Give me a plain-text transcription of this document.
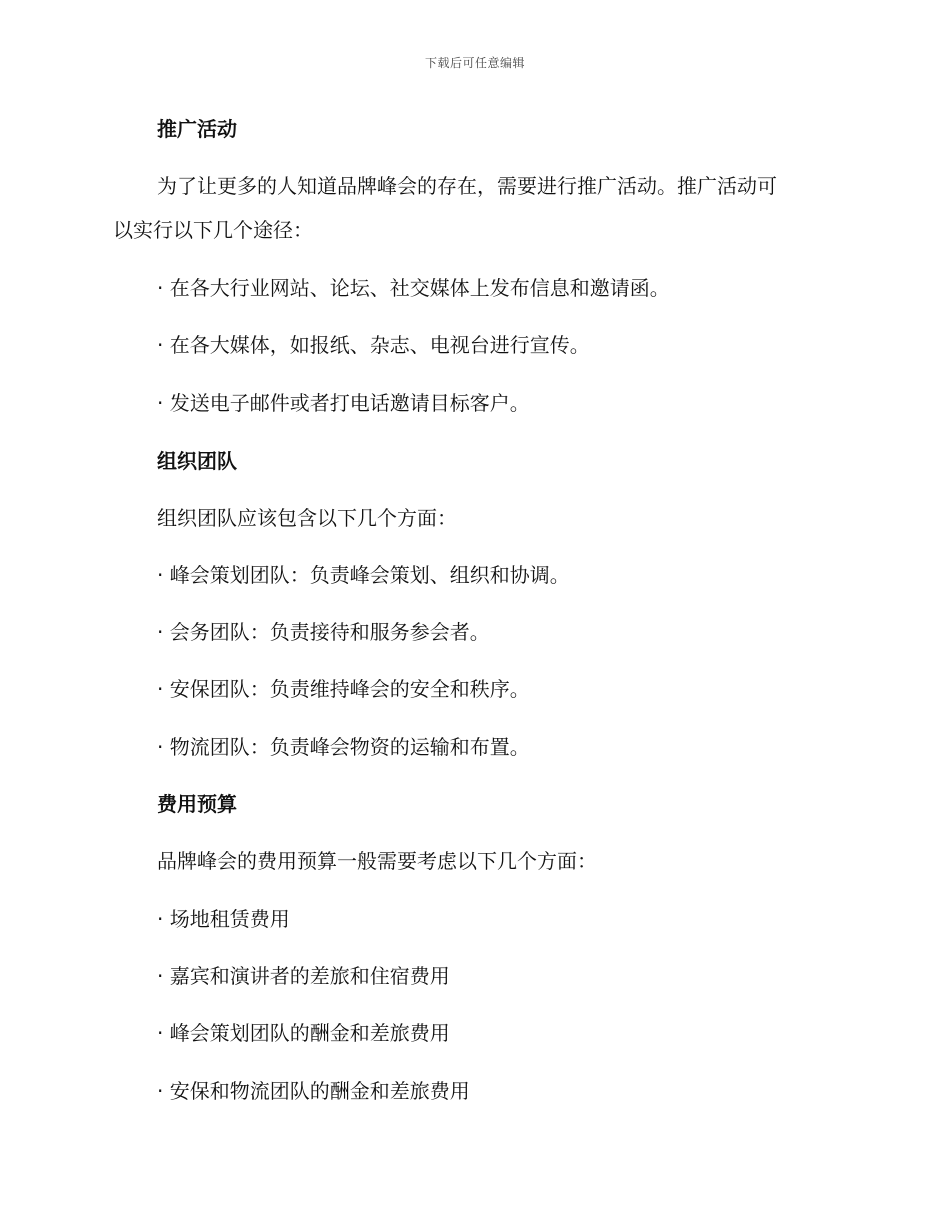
下载后可任意编辑
推广活动
为了让更多的人知道品牌峰会的存在，需要进行推广活动。推广活动可
以实行以下几个途径：
· 在各大行业网站、论坛、社交媒体上发布信息和邀请函。
· 在各大媒体，如报纸、杂志、电视台进行宣传。
· 发送电子邮件或者打电话邀请目标客户。
组织团队
组织团队应该包含以下几个方面：
· 峰会策划团队：负责峰会策划、组织和协调。
· 会务团队：负责接待和服务参会者。
· 安保团队：负责维持峰会的安全和秩序。
· 物流团队：负责峰会物资的运输和布置。
费用预算
品牌峰会的费用预算一般需要考虑以下几个方面：
· 场地租赁费用
· 嘉宾和演讲者的差旅和住宿费用
· 峰会策划团队的酬金和差旅费用
· 安保和物流团队的酬金和差旅费用
